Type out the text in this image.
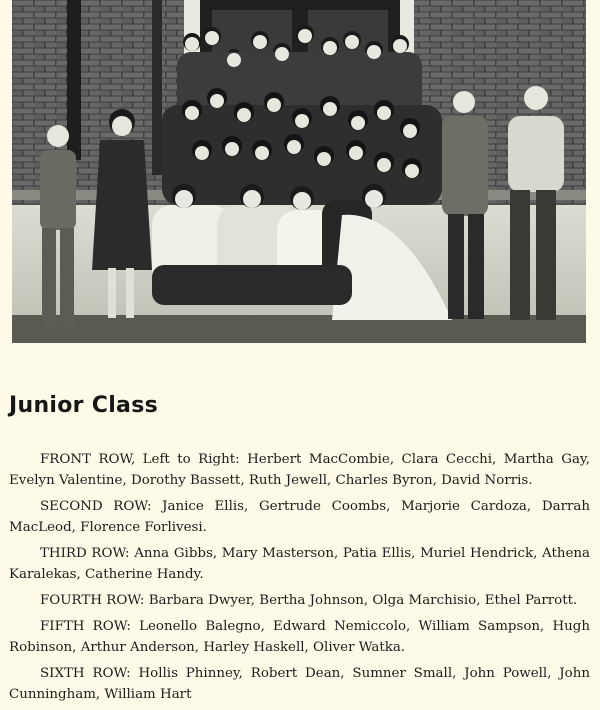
Junior Class

FRONT ROW, Left to Right: Herbert MacCombie, Clara Cecchi, Martha Gay, Evelyn Valentine, Dorothy Bassett, Ruth Jewell, Charles Byron, David Norris.

SECOND ROW: Janice Ellis, Gertrude Coombs, Marjorie Cardoza, Darrah MacLeod, Florence Forlivesi.

THIRD ROW: Anna Gibbs, Mary Masterson, Patia Ellis, Muriel Hendrick, Athena Karalekas, Catherine Handy.

FOURTH ROW: Barbara Dwyer, Bertha Johnson, Olga Marchisio, Ethel Parrott.

FIFTH ROW: Leonello Balegno, Edward Nemiccolo, William Sampson, Hugh Robinson, Arthur Anderson, Harley Haskell, Oliver Watka.

SIXTH ROW: Hollis Phinney, Robert Dean, Sumner Small, John Powell, John Cunningham, William Hart
